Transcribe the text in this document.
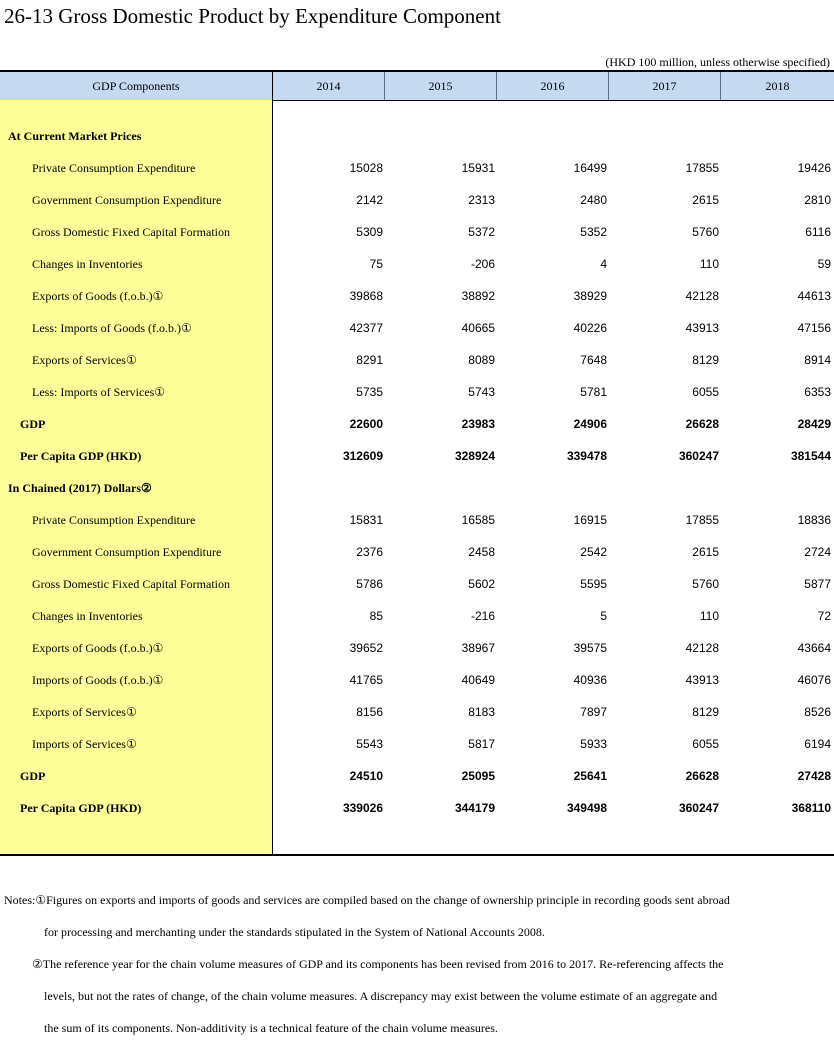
26-13 Gross Domestic Product by Expenditure Component
(HKD 100 million, unless otherwise specified)
GDP Components	2014	2015	2016	2017	2018
At Current Market Prices
Private Consumption Expenditure	15028	15931	16499	17855	19426
Government Consumption Expenditure	2142	2313	2480	2615	2810
Gross Domestic Fixed Capital Formation	5309	5372	5352	5760	6116
Changes in Inventories	75	-206	4	110	59
Exports of Goods (f.o.b.)①	39868	38892	38929	42128	44613
Less: Imports of Goods (f.o.b.)①	42377	40665	40226	43913	47156
Exports of Services①	8291	8089	7648	8129	8914
Less: Imports of Services①	5735	5743	5781	6055	6353
GDP	22600	23983	24906	26628	28429
Per Capita GDP (HKD)	312609	328924	339478	360247	381544
In Chained (2017) Dollars②
Private Consumption Expenditure	15831	16585	16915	17855	18836
Government Consumption Expenditure	2376	2458	2542	2615	2724
Gross Domestic Fixed Capital Formation	5786	5602	5595	5760	5877
Changes in Inventories	85	-216	5	110	72
Exports of Goods (f.o.b.)①	39652	38967	39575	42128	43664
Imports of Goods (f.o.b.)①	41765	40649	40936	43913	46076
Exports of Services①	8156	8183	7897	8129	8526
Imports of Services①	5543	5817	5933	6055	6194
GDP	24510	25095	25641	26628	27428
Per Capita GDP (HKD)	339026	344179	349498	360247	368110
Notes:①Figures on exports and imports of goods and services are compiled based on the change of ownership principle in recording goods sent abroad
for processing and merchanting under the standards stipulated in the System of National Accounts 2008.
②The reference year for the chain volume measures of GDP and its components has been revised from 2016 to 2017. Re-referencing affects the
levels, but not the rates of change, of the chain volume measures. A discrepancy may exist between the volume estimate of an aggregate and
the sum of its components. Non-additivity is a technical feature of the chain volume measures.
